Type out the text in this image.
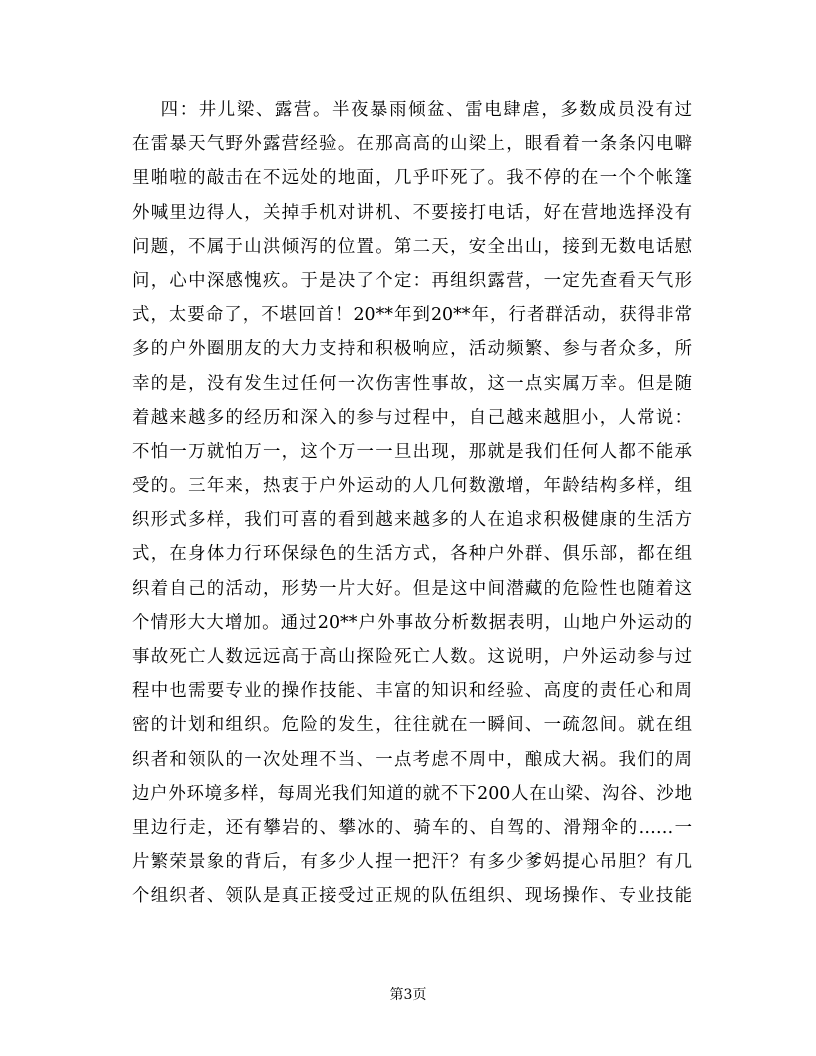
四：井儿梁、露营。半夜暴雨倾盆、雷电肆虐，多数成员没有过
在雷暴天气野外露营经验。在那高高的山梁上，眼看着一条条闪电噼
里啪啦的敲击在不远处的地面，几乎吓死了。我不停的在一个个帐篷
外喊里边得人，关掉手机对讲机、不要接打电话，好在营地选择没有
问题，不属于山洪倾泻的位置。第二天，安全出山，接到无数电话慰
问，心中深感愧疚。于是决了个定：再组织露营，一定先查看天气形
式，太要命了，不堪回首！20**年到20**年，行者群活动，获得非常
多的户外圈朋友的大力支持和积极响应，活动频繁、参与者众多，所
幸的是，没有发生过任何一次伤害性事故，这一点实属万幸。但是随
着越来越多的经历和深入的参与过程中，自己越来越胆小，人常说：
不怕一万就怕万一，这个万一一旦出现，那就是我们任何人都不能承
受的。三年来，热衷于户外运动的人几何数激增，年龄结构多样，组
织形式多样，我们可喜的看到越来越多的人在追求积极健康的生活方
式，在身体力行环保绿色的生活方式，各种户外群、俱乐部，都在组
织着自己的活动，形势一片大好。但是这中间潜藏的危险性也随着这
个情形大大增加。通过20**户外事故分析数据表明，山地户外运动的
事故死亡人数远远高于高山探险死亡人数。这说明，户外运动参与过
程中也需要专业的操作技能、丰富的知识和经验、高度的责任心和周
密的计划和组织。危险的发生，往往就在一瞬间、一疏忽间。就在组
织者和领队的一次处理不当、一点考虑不周中，酿成大祸。我们的周
边户外环境多样，每周光我们知道的就不下200人在山梁、沟谷、沙地
里边行走，还有攀岩的、攀冰的、骑车的、自驾的、滑翔伞的……一
片繁荣景象的背后，有多少人捏一把汗？有多少爹妈提心吊胆？有几
个组织者、领队是真正接受过正规的队伍组织、现场操作、专业技能
第3页
